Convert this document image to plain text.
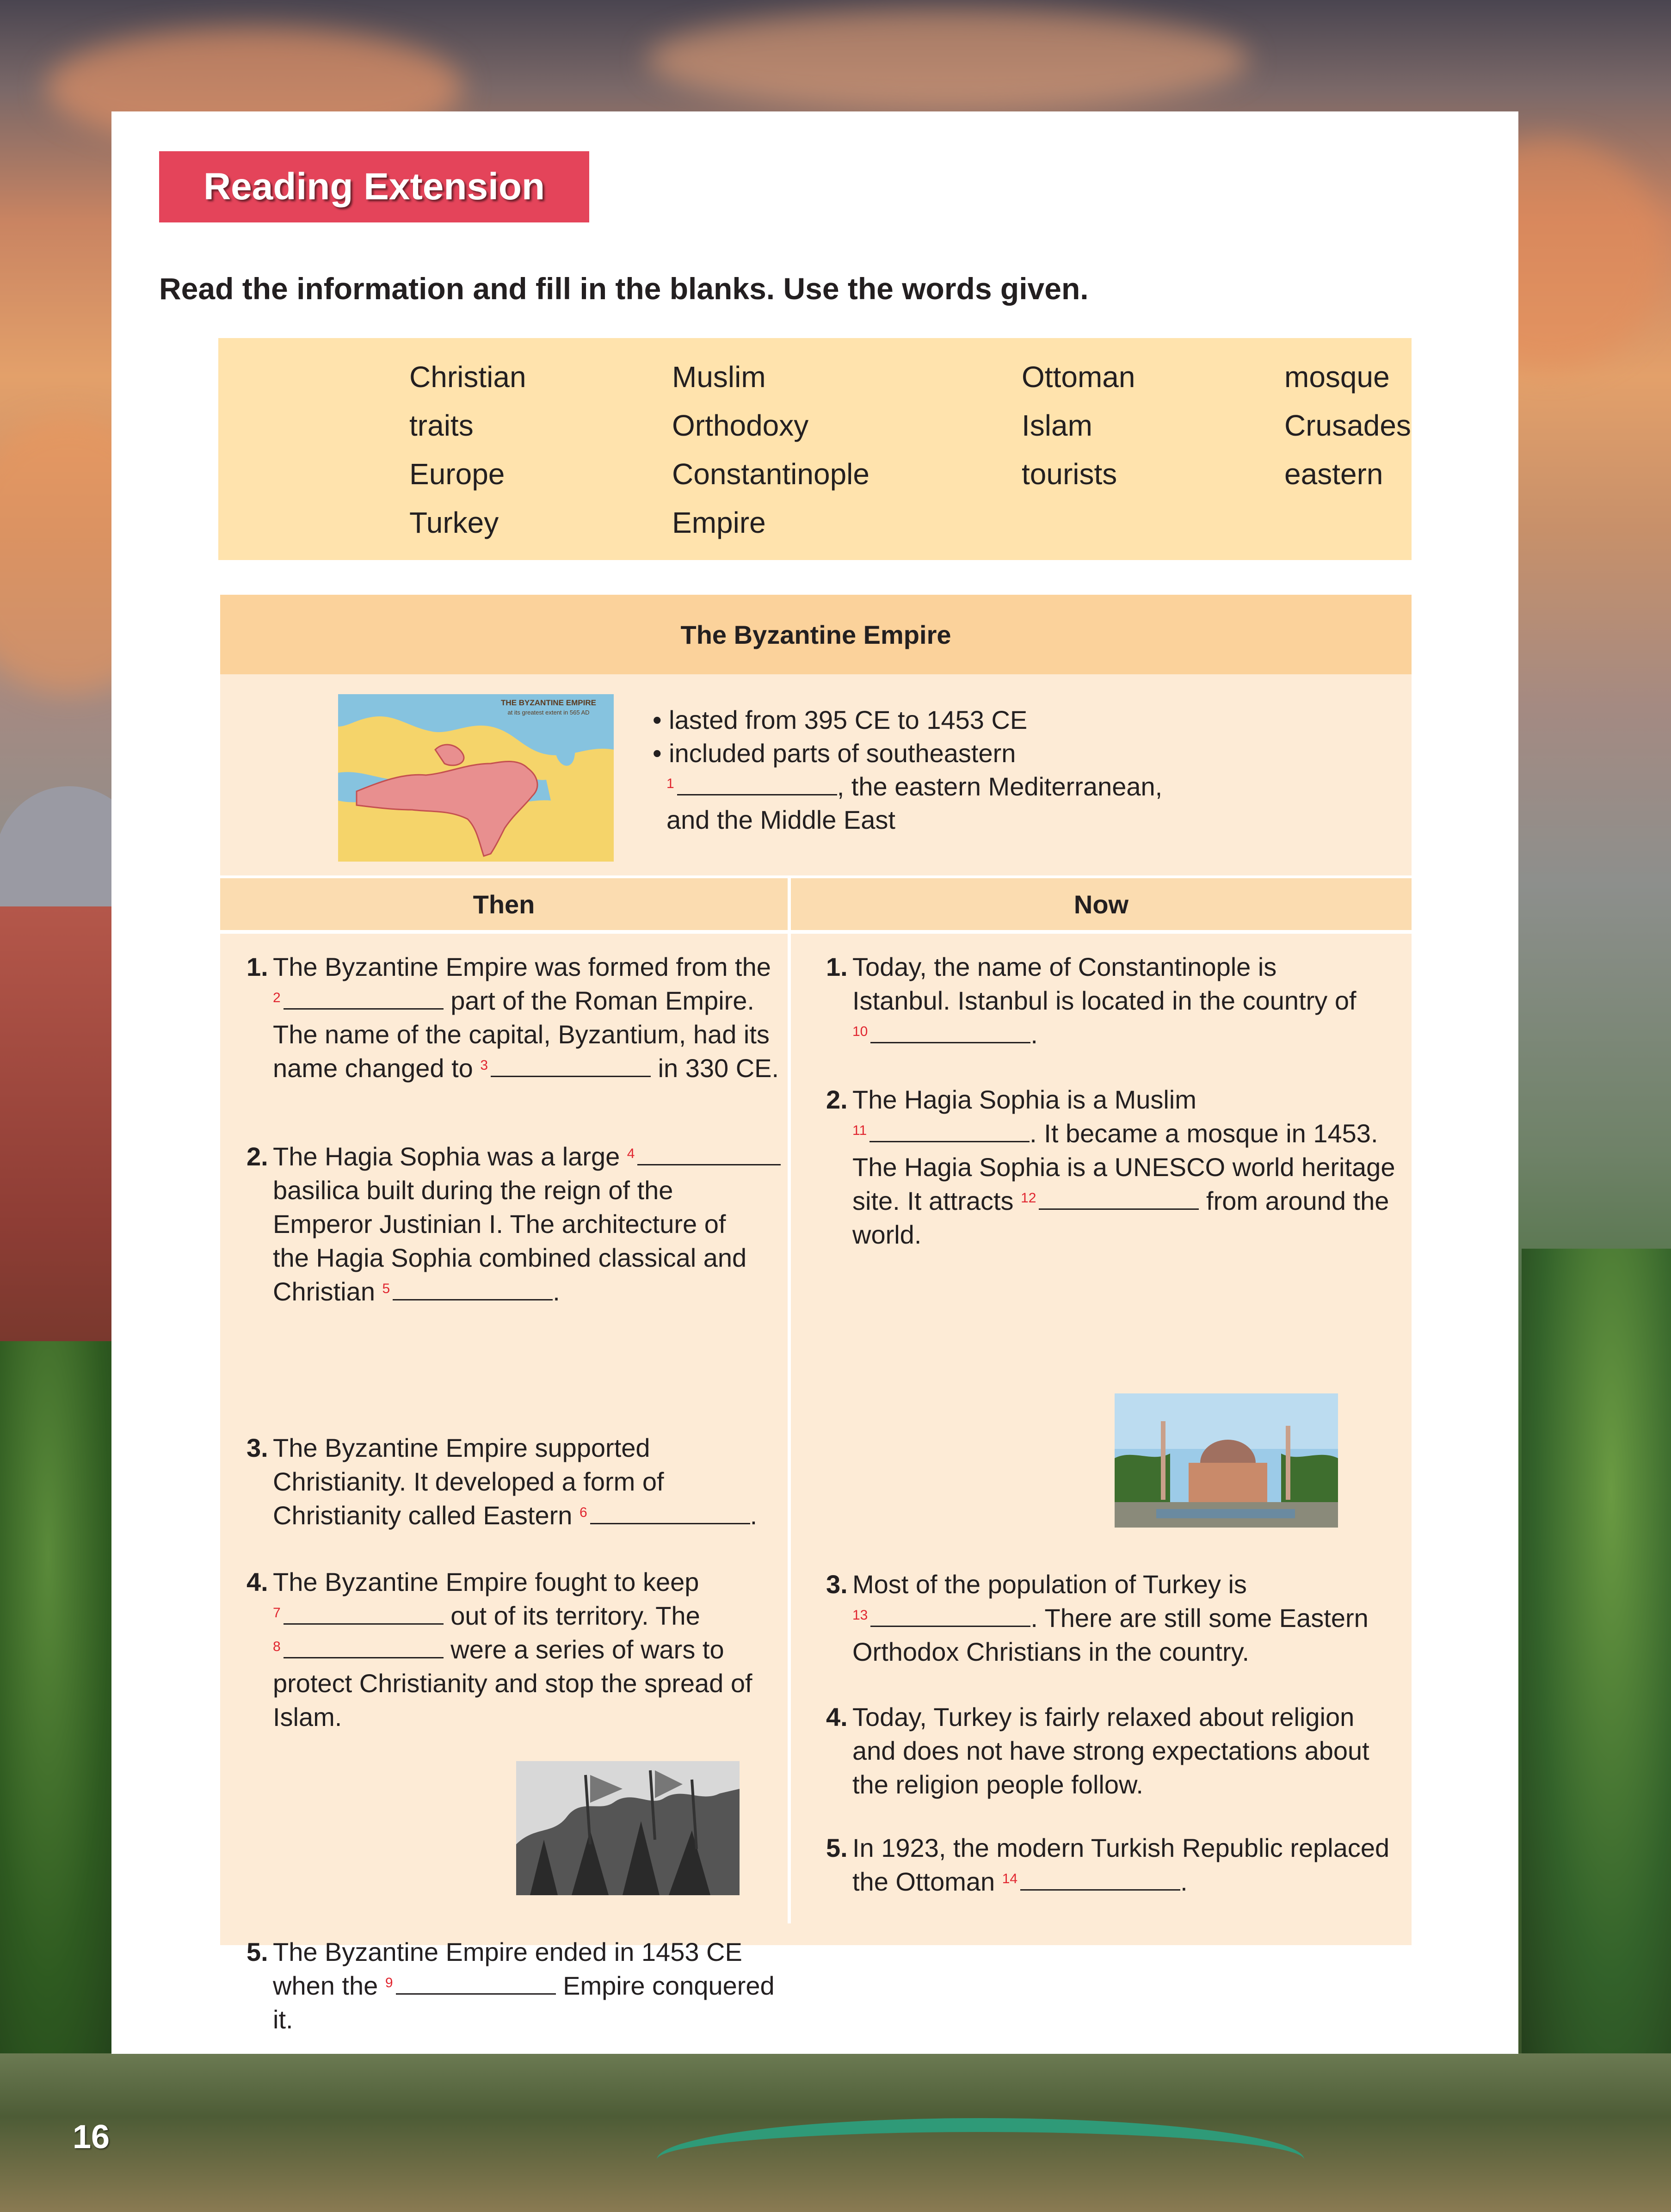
Reading Extension
Read the information and fill in the blanks. Use the words given.
Christian	Muslim	Ottoman	mosque
traits	Orthodoxy	Islam	Crusades
Europe	Constantinople	tourists	eastern
Turkey	Empire
The Byzantine Empire
THE BYZANTINE EMPIRE
at its greatest extent in 565 AD • lasted from 395 CE to 1453 CE
• included parts of southeastern
$^1$	, the eastern Mediterranean,
and the Middle East
Then	Now
1. The Byzantine Empire was formed from the
$^2$	part of the Roman Empire.
The name of the capital, Byzantium, had its
name changed to $^3$	in 330 CE.
2. The Hagia Sophia was a large $^4$
basilica built during the reign of the
Emperor Justinian I. The architecture of
the Hagia Sophia combined classical and
Christian $^5$	.
3. The Byzantine Empire supported
Christianity. It developed a form of
Christianity called Eastern $^6$	.
4. The Byzantine Empire fought to keep
$^7$	out of its territory. The
$^8$	were a series of wars to
protect Christianity and stop the spread of
Islam.
5. The Byzantine Empire ended in 1453 CE
when the $^9$	Empire conquered
it.
1. Today, the name of Constantinople is
Istanbul. Istanbul is located in the country of
$^{10}$	.
2. The Hagia Sophia is a Muslim
$^{11}$	. It became a mosque in 1453.
The Hagia Sophia is a UNESCO world heritage
site. It attracts $^{12}$	from around the
world.
3. Most of the population of Turkey is
$^{13}$	. There are still some Eastern
Orthodox Christians in the country.
4. Today, Turkey is fairly relaxed about religion
and does not have strong expectations about
the religion people follow.
5. In 1923, the modern Turkish Republic replaced
the Ottoman $^{14}$	.
16
